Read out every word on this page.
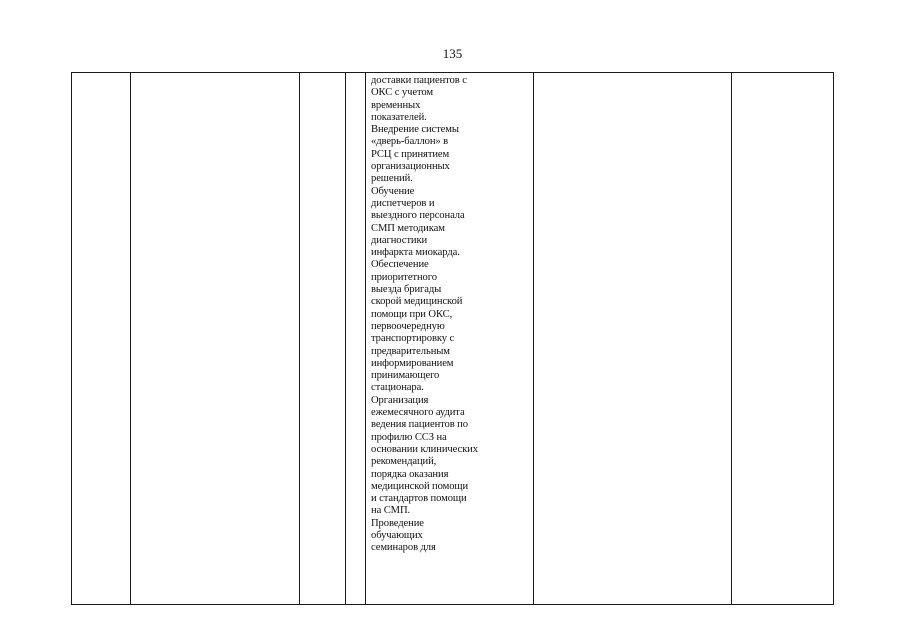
135

доставки пациентов с
ОКС с учетом
временных
показателей.
Внедрение системы
«дверь-баллон» в
РСЦ с принятием
организационных
решений.
Обучение
диспетчеров и
выездного персонала
СМП методикам
диагностики
инфаркта миокарда.
Обеспечение
приоритетного
выезда бригады
скорой медицинской
помощи при ОКС,
первоочередную
транспортировку с
предварительным
информированием
принимающего
стационара.
Организация
ежемесячного аудита
ведения пациентов по
профилю ССЗ на
основании клинических
рекомендаций,
порядка оказания
медицинской помощи
и стандартов помощи
на СМП.
Проведение
обучающих
семинаров для
